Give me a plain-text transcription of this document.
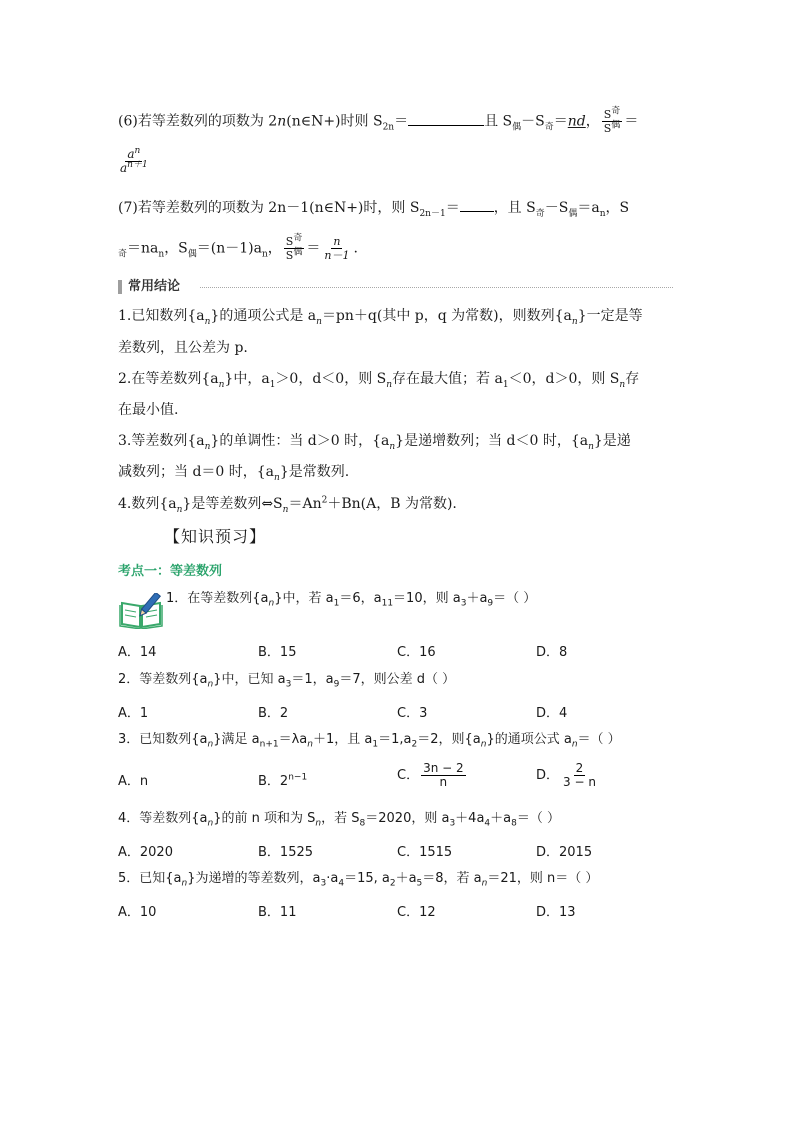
(6)若等差数列的项数为 2n(n∈N+)时则 $S_{2n}=$	且 $S_偶-S_奇=nd$， $\frac{S^奇}{S^偶}$ ＝
$\frac{a^n}{a^{n+1}}$
(7)若等差数列的项数为 2n－1(n∈N+)时，则 $S_{2n-1}=$ ，且 $S_奇-S_偶=a_n$，S
$_奇=na_n$，$S_偶=(n-1)a_n$， $\frac{S^奇}{S^偶} = \frac{n}{n-1}$ .
常用结论
1.已知数列$\{a_n\}$的通项公式是 $a_n=pn+q$(其中 p，q 为常数)，则数列$\{a_n\}$一定是等
差数列，且公差为 p.
2.在等差数列$\{a_n\}$中，$a_1>0$，d＜0，则 $S_n$存在最大值；若 $a_1<0$，d＞0，则 $S_n$存
在最小值.
3.等差数列$\{a_n\}$的单调性：当 d＞0 时，$\{a_n\}$是递增数列；当 d＜0 时，$\{a_n\}$是递
减数列；当 d＝0 时，$\{a_n\}$是常数列.
4.数列$\{a_n\}$是等差数列$\Leftrightarrow S_n=An^2+Bn(A$，B 为常数).
【知识预习】
考点一：等差数列
1．在等差数列$\{a_n\}$中，若 $a_1=6$，$a_{11}=10$，则 $a_3+a_9=$（ ）
A．14	B．15	C．16	D．8
2．等差数列$\{a_n\}$中，已知 $a_3=1$，$a_9=7$，则公差 d（ ）
A．1	B．2	C．3	D．4
3．已知数列$\{a_n\}$满足 $a_{n+1}=\lambda a_n+1$，且 $a_1=1,a_2=2$，则$\{a_n\}$的通项公式 $a_n=$（ ）
A．n	B．$2^{n-1}$	C． $\frac{3n - 2}{n}$	D． $\frac{2}{3 - n}$
4．等差数列$\{a_n\}$的前 n 项和为 $S_n$，若 $S_8=2020$，则 $a_3+4a_4+a_8=$（ ）
A．2020	B．1525	C．1515	D．2015
5．已知$\{a_n\}$为递增的等差数列，$a_3\cdot a_4=15$, $a_2+a_5=8$，若 $a_n=21$，则 n＝（ ）
A．10	B．11	C．12	D．13
